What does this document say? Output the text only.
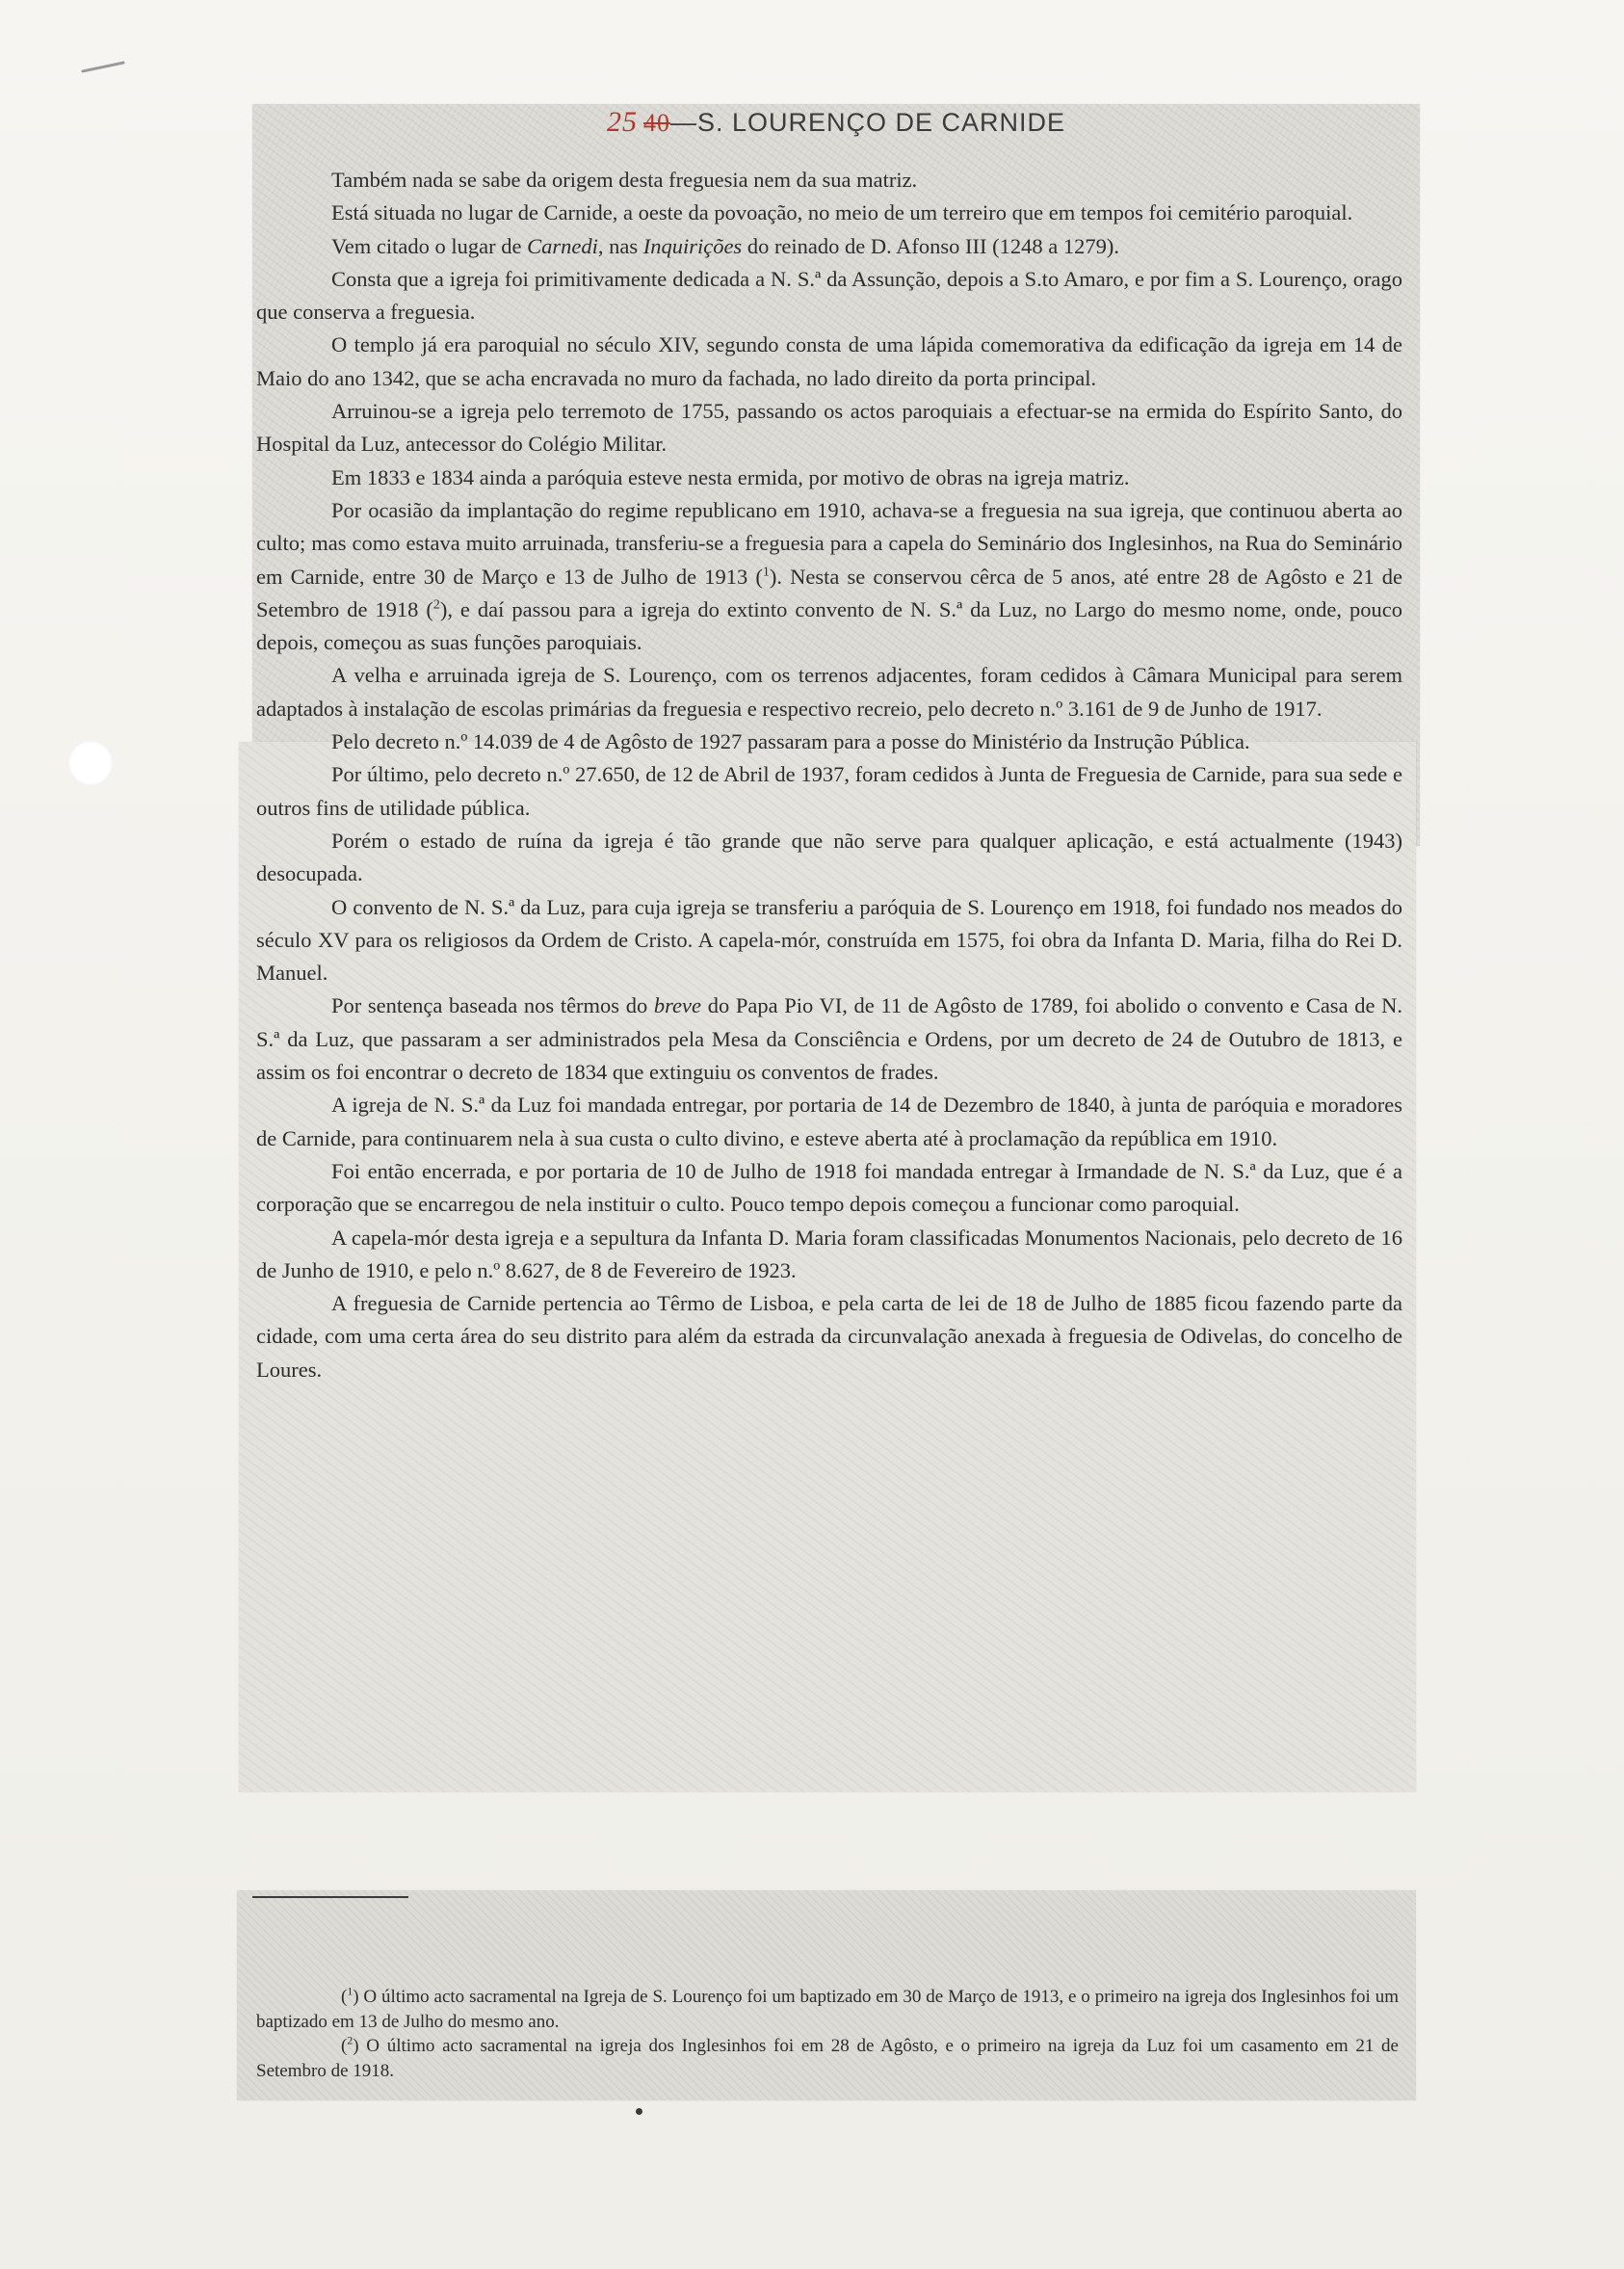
25 40—S. LOURENÇO DE CARNIDE

Também nada se sabe da origem desta freguesia nem da sua matriz.

Está situada no lugar de Carnide, a oeste da povoação, no meio de um terreiro que em tempos foi cemitério paroquial.

Vem citado o lugar de Carnedi, nas Inquirições do reinado de D. Afonso III (1248 a 1279).

Consta que a igreja foi primitivamente dedicada a N. S.ª da Assunção, depois a S.to Amaro, e por fim a S. Lourenço, orago que conserva a freguesia.

O templo já era paroquial no século XIV, segundo consta de uma lápida comemorativa da edificação da igreja em 14 de Maio do ano 1342, que se acha encravada no muro da fachada, no lado direito da porta principal.

Arruinou-se a igreja pelo terremoto de 1755, passando os actos paroquiais a efectuar-se na ermida do Espírito Santo, do Hospital da Luz, antecessor do Colégio Militar.

Em 1833 e 1834 ainda a paróquia esteve nesta ermida, por motivo de obras na igreja matriz.

Por ocasião da implantação do regime republicano em 1910, achava-se a freguesia na sua igreja, que continuou aberta ao culto; mas como estava muito arruinada, transferiu-se a freguesia para a capela do Seminário dos Inglesinhos, na Rua do Seminário em Carnide, entre 30 de Março e 13 de Julho de 1913 ($^1$). Nesta se conservou cêrca de 5 anos, até entre 28 de Agôsto e 21 de Setembro de 1918 ($^2$), e daí passou para a igreja do extinto convento de N. S.ª da Luz, no Largo do mesmo nome, onde, pouco depois, começou as suas funções paroquiais.

A velha e arruinada igreja de S. Lourenço, com os terrenos adjacentes, foram cedidos à Câmara Municipal para serem adaptados à instalação de escolas primárias da freguesia e respectivo recreio, pelo decreto n.º 3.161 de 9 de Junho de 1917.

Pelo decreto n.º 14.039 de 4 de Agôsto de 1927 passaram para a posse do Ministério da Instrução Pública.

Por último, pelo decreto n.º 27.650, de 12 de Abril de 1937, foram cedidos à Junta de Freguesia de Carnide, para sua sede e outros fins de utilidade pública.

Porém o estado de ruína da igreja é tão grande que não serve para qualquer aplicação, e está actualmente (1943) desocupada.

O convento de N. S.ª da Luz, para cuja igreja se transferiu a paróquia de S. Lourenço em 1918, foi fundado nos meados do século XV para os religiosos da Ordem de Cristo. A capela-mór, construída em 1575, foi obra da Infanta D. Maria, filha do Rei D. Manuel.

Por sentença baseada nos têrmos do breve do Papa Pio VI, de 11 de Agôsto de 1789, foi abolido o convento e Casa de N. S.ª da Luz, que passaram a ser administrados pela Mesa da Consciência e Ordens, por um decreto de 24 de Outubro de 1813, e assim os foi encontrar o decreto de 1834 que extinguiu os conventos de frades.

A igreja de N. S.ª da Luz foi mandada entregar, por portaria de 14 de Dezembro de 1840, à junta de paróquia e moradores de Carnide, para continuarem nela à sua custa o culto divino, e esteve aberta até à proclamação da república em 1910.

Foi então encerrada, e por portaria de 10 de Julho de 1918 foi mandada entregar à Irmandade de N. S.ª da Luz, que é a corporação que se encarregou de nela instituir o culto. Pouco tempo depois começou a funcionar como paroquial.

A capela-mór desta igreja e a sepultura da Infanta D. Maria foram classificadas Monumentos Nacionais, pelo decreto de 16 de Junho de 1910, e pelo n.º 8.627, de 8 de Fevereiro de 1923.

A freguesia de Carnide pertencia ao Têrmo de Lisboa, e pela carta de lei de 18 de Julho de 1885 ficou fazendo parte da cidade, com uma certa área do seu distrito para além da estrada da circunvalação anexada à freguesia de Odivelas, do concelho de Loures.

($^1$) O último acto sacramental na Igreja de S. Lourenço foi um baptizado em 30 de Março de 1913, e o primeiro na igreja dos Inglesinhos foi um baptizado em 13 de Julho do mesmo ano.

($^2$) O último acto sacramental na igreja dos Inglesinhos foi em 28 de Agôsto, e o primeiro na igreja da Luz foi um casamento em 21 de Setembro de 1918.
